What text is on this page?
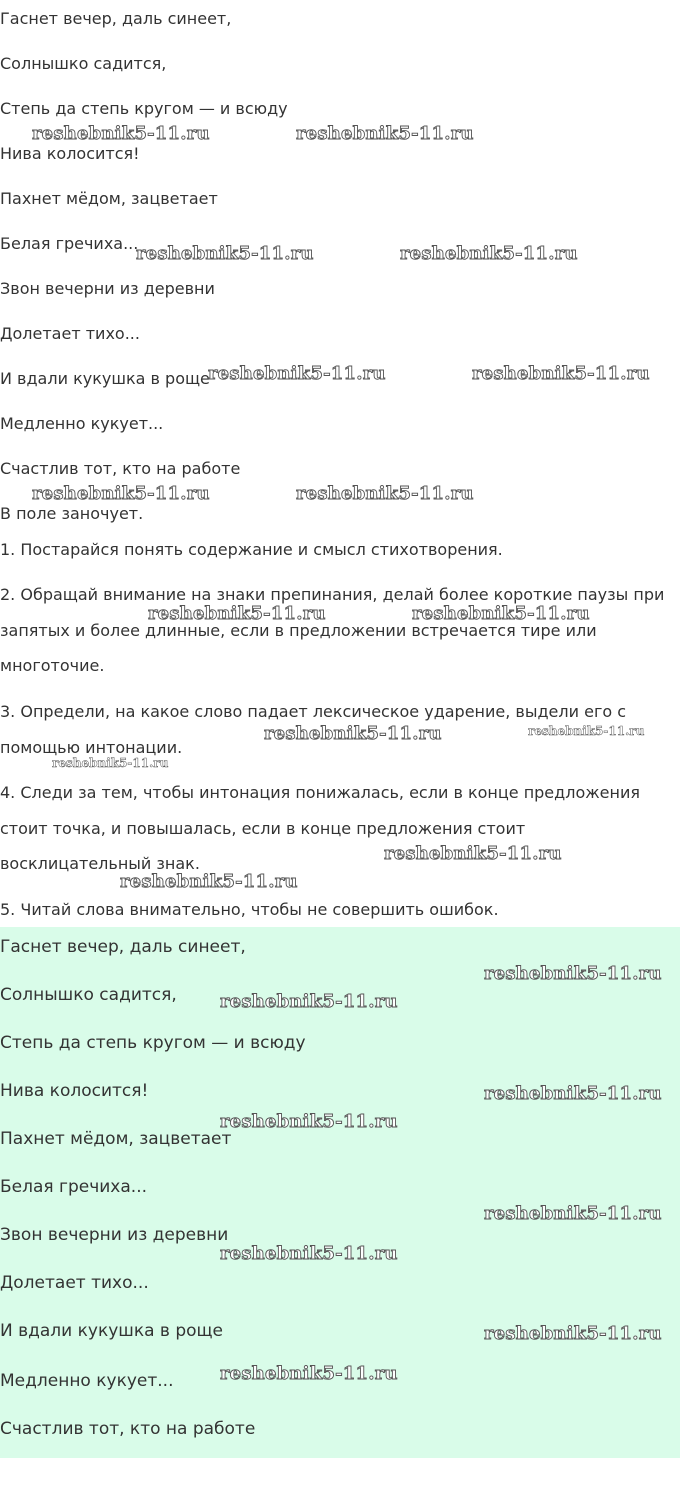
Гаснет вечер, даль синеет,
Солнышко садится,
Степь да степь кругом — и всюду
Нива колосится!
Пахнет мёдом, зацветает
Белая гречиха...
Звон вечерни из деревни
Долетает тихо...
И вдали кукушка в роще
Медленно кукует...
Счастлив тот, кто на работе
В поле заночует.
1. Постарайся понять содержание и смысл стихотворения.
2. Обращай внимание на знаки препинания, делай более короткие паузы при
запятых и более длинные, если в предложении встречается тире или
многоточие.
3. Определи, на какое слово падает лексическое ударение, выдели его с
помощью интонации.
4. Следи за тем, чтобы интонация понижалась, если в конце предложения
стоит точка, и повышалась, если в конце предложения стоит
восклицательный знак.
5. Читай слова внимательно, чтобы не совершить ошибок.
Гаснет вечер, даль синеет,
Солнышко садится,
Степь да степь кругом — и всюду
Нива колосится!
Пахнет мёдом, зацветает
Белая гречиха...
Звон вечерни из деревни
Долетает тихо...
И вдали кукушка в роще
Медленно кукует...
Счастлив тот, кто на работе
reshebnik5-11.ru	reshebnik5-11.ru
reshebnik5-11.ru	reshebnik5-11.ru
reshebnik5-11.ru	reshebnik5-11.ru
reshebnik5-11.ru	reshebnik5-11.ru
reshebnik5-11.ru	reshebnik5-11.ru
reshebnik5-11.ru	reshebnik5-11.ru
reshebnik5-11.ru
reshebnik5-11.ru
reshebnik5-11.ru
reshebnik5-11.ru
reshebnik5-11.ru
reshebnik5-11.ru
reshebnik5-11.ru
reshebnik5-11.ru
reshebnik5-11.ru
reshebnik5-11.ru
reshebnik5-11.ru
